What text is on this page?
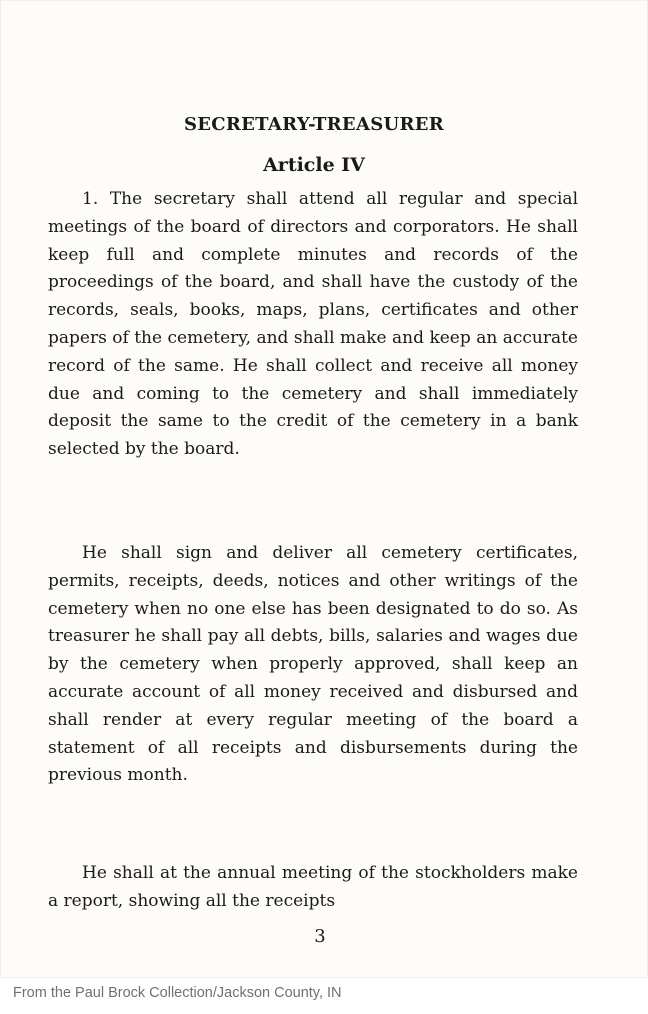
SECRETARY-TREASURER
Article IV

1. The secretary shall attend all regular and special meetings of the board of directors and corporators. He shall keep full and complete minutes and records of the proceedings of the board, and shall have the custody of the records, seals, books, maps, plans, certificates and other papers of the cemetery, and shall make and keep an accurate record of the same. He shall collect and receive all money due and coming to the cemetery and shall immediately deposit the same to the credit of the cemetery in a bank selected by the board.

He shall sign and deliver all cemetery certificates, permits, receipts, deeds, notices and other writings of the cemetery when no one else has been designated to do so. As treasurer he shall pay all debts, bills, salaries and wages due by the cemetery when properly approved, shall keep an accurate account of all money received and disbursed and shall render at every regular meeting of the board a statement of all receipts and disbursements during the previous month.

He shall at the annual meeting of the stockholders make a report, showing all the receipts

3
From the Paul Brock Collection/Jackson County, IN
